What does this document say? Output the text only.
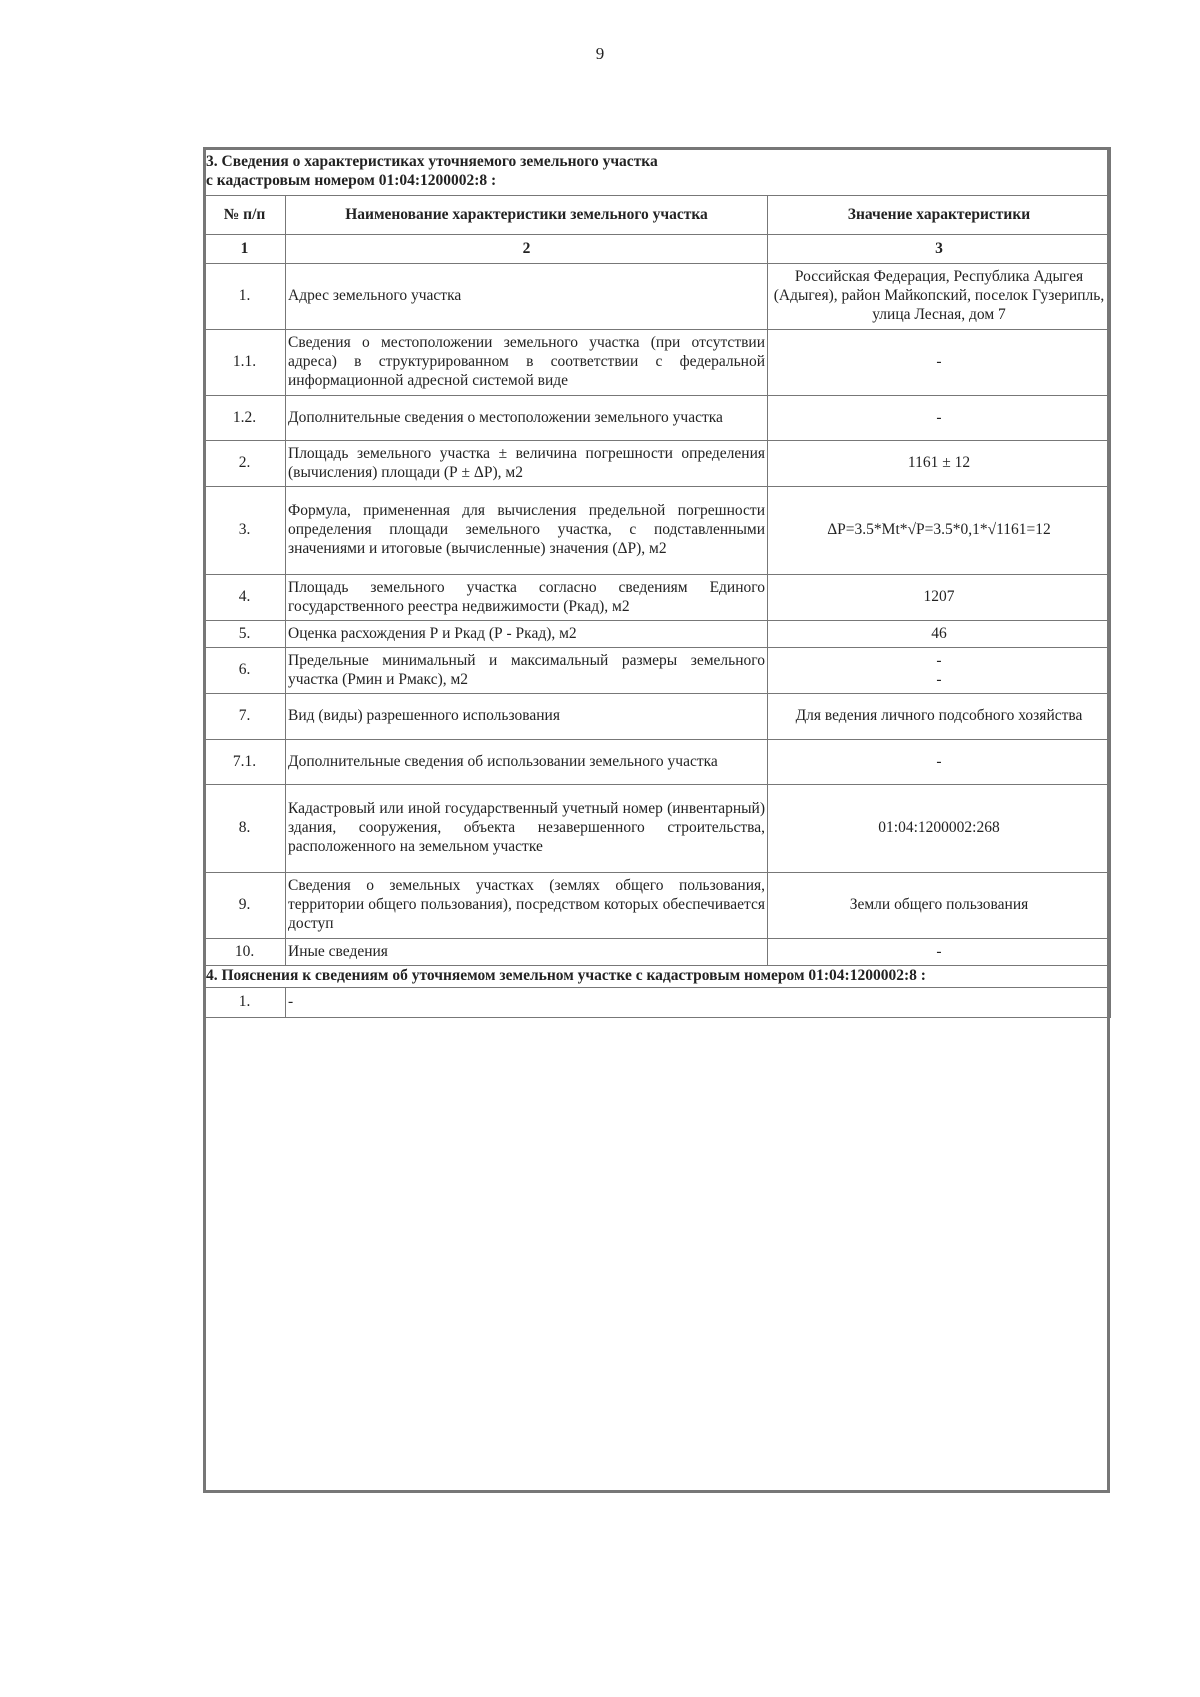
9
3. Сведения о характеристиках уточняемого земельного участка
с кадастровым номером 01:04:1200002:8 :		
№ п/п	Наименование характеристики земельного участка	Значение характеристики
1	2	3
1.	Адрес земельного участка	Российская Федерация, Республика Адыгея (Адыгея), район Майкопский, поселок Гузерипль, улица Лесная, дом 7
1.1.	Сведения о местоположении земельного участка (при отсутствии адреса) в структурированном в соответствии с федеральной информационной адресной системой виде	-
1.2.	Дополнительные сведения о местоположении земельного участка	-
2.	Площадь земельного участка ± величина погрешности определения (вычисления) площади (Р ± ΔР), м2	1161 ± 12
3.	Формула, примененная для вычисления предельной погрешности определения площади земельного участка, с подставленными значениями и итоговые (вычисленные) значения (ΔР), м2	ΔP=3.5*Mt*√P=3.5*0,1*√1161=12
4.	Площадь земельного участка согласно сведениям Единого государственного реестра недвижимости (Ркад), м2	1207
5.	Оценка расхождения Р и Ркад (Р - Ркад), м2	46
6.	Предельные минимальный и максимальный размеры земельного участка (Рмин и Рмакс), м2	-
-

7.	Вид (виды) разрешенного использования	Для ведения личного подсобного хозяйства
7.1.	Дополнительные сведения об использовании земельного участка	-
8.	Кадастровый или иной государственный учетный номер (инвентарный) здания, сооружения, объекта незавершенного строительства, расположенного на земельном участке	01:04:1200002:268
9.	Сведения о земельных участках (землях общего пользования, территории общего пользования), посредством которых обеспечивается доступ	Земли общего пользования
10.	Иные сведения	-
4. Пояснения к сведениям об уточняемом земельном участке с кадастровым номером 01:04:1200002:8 :		
1.	-	
